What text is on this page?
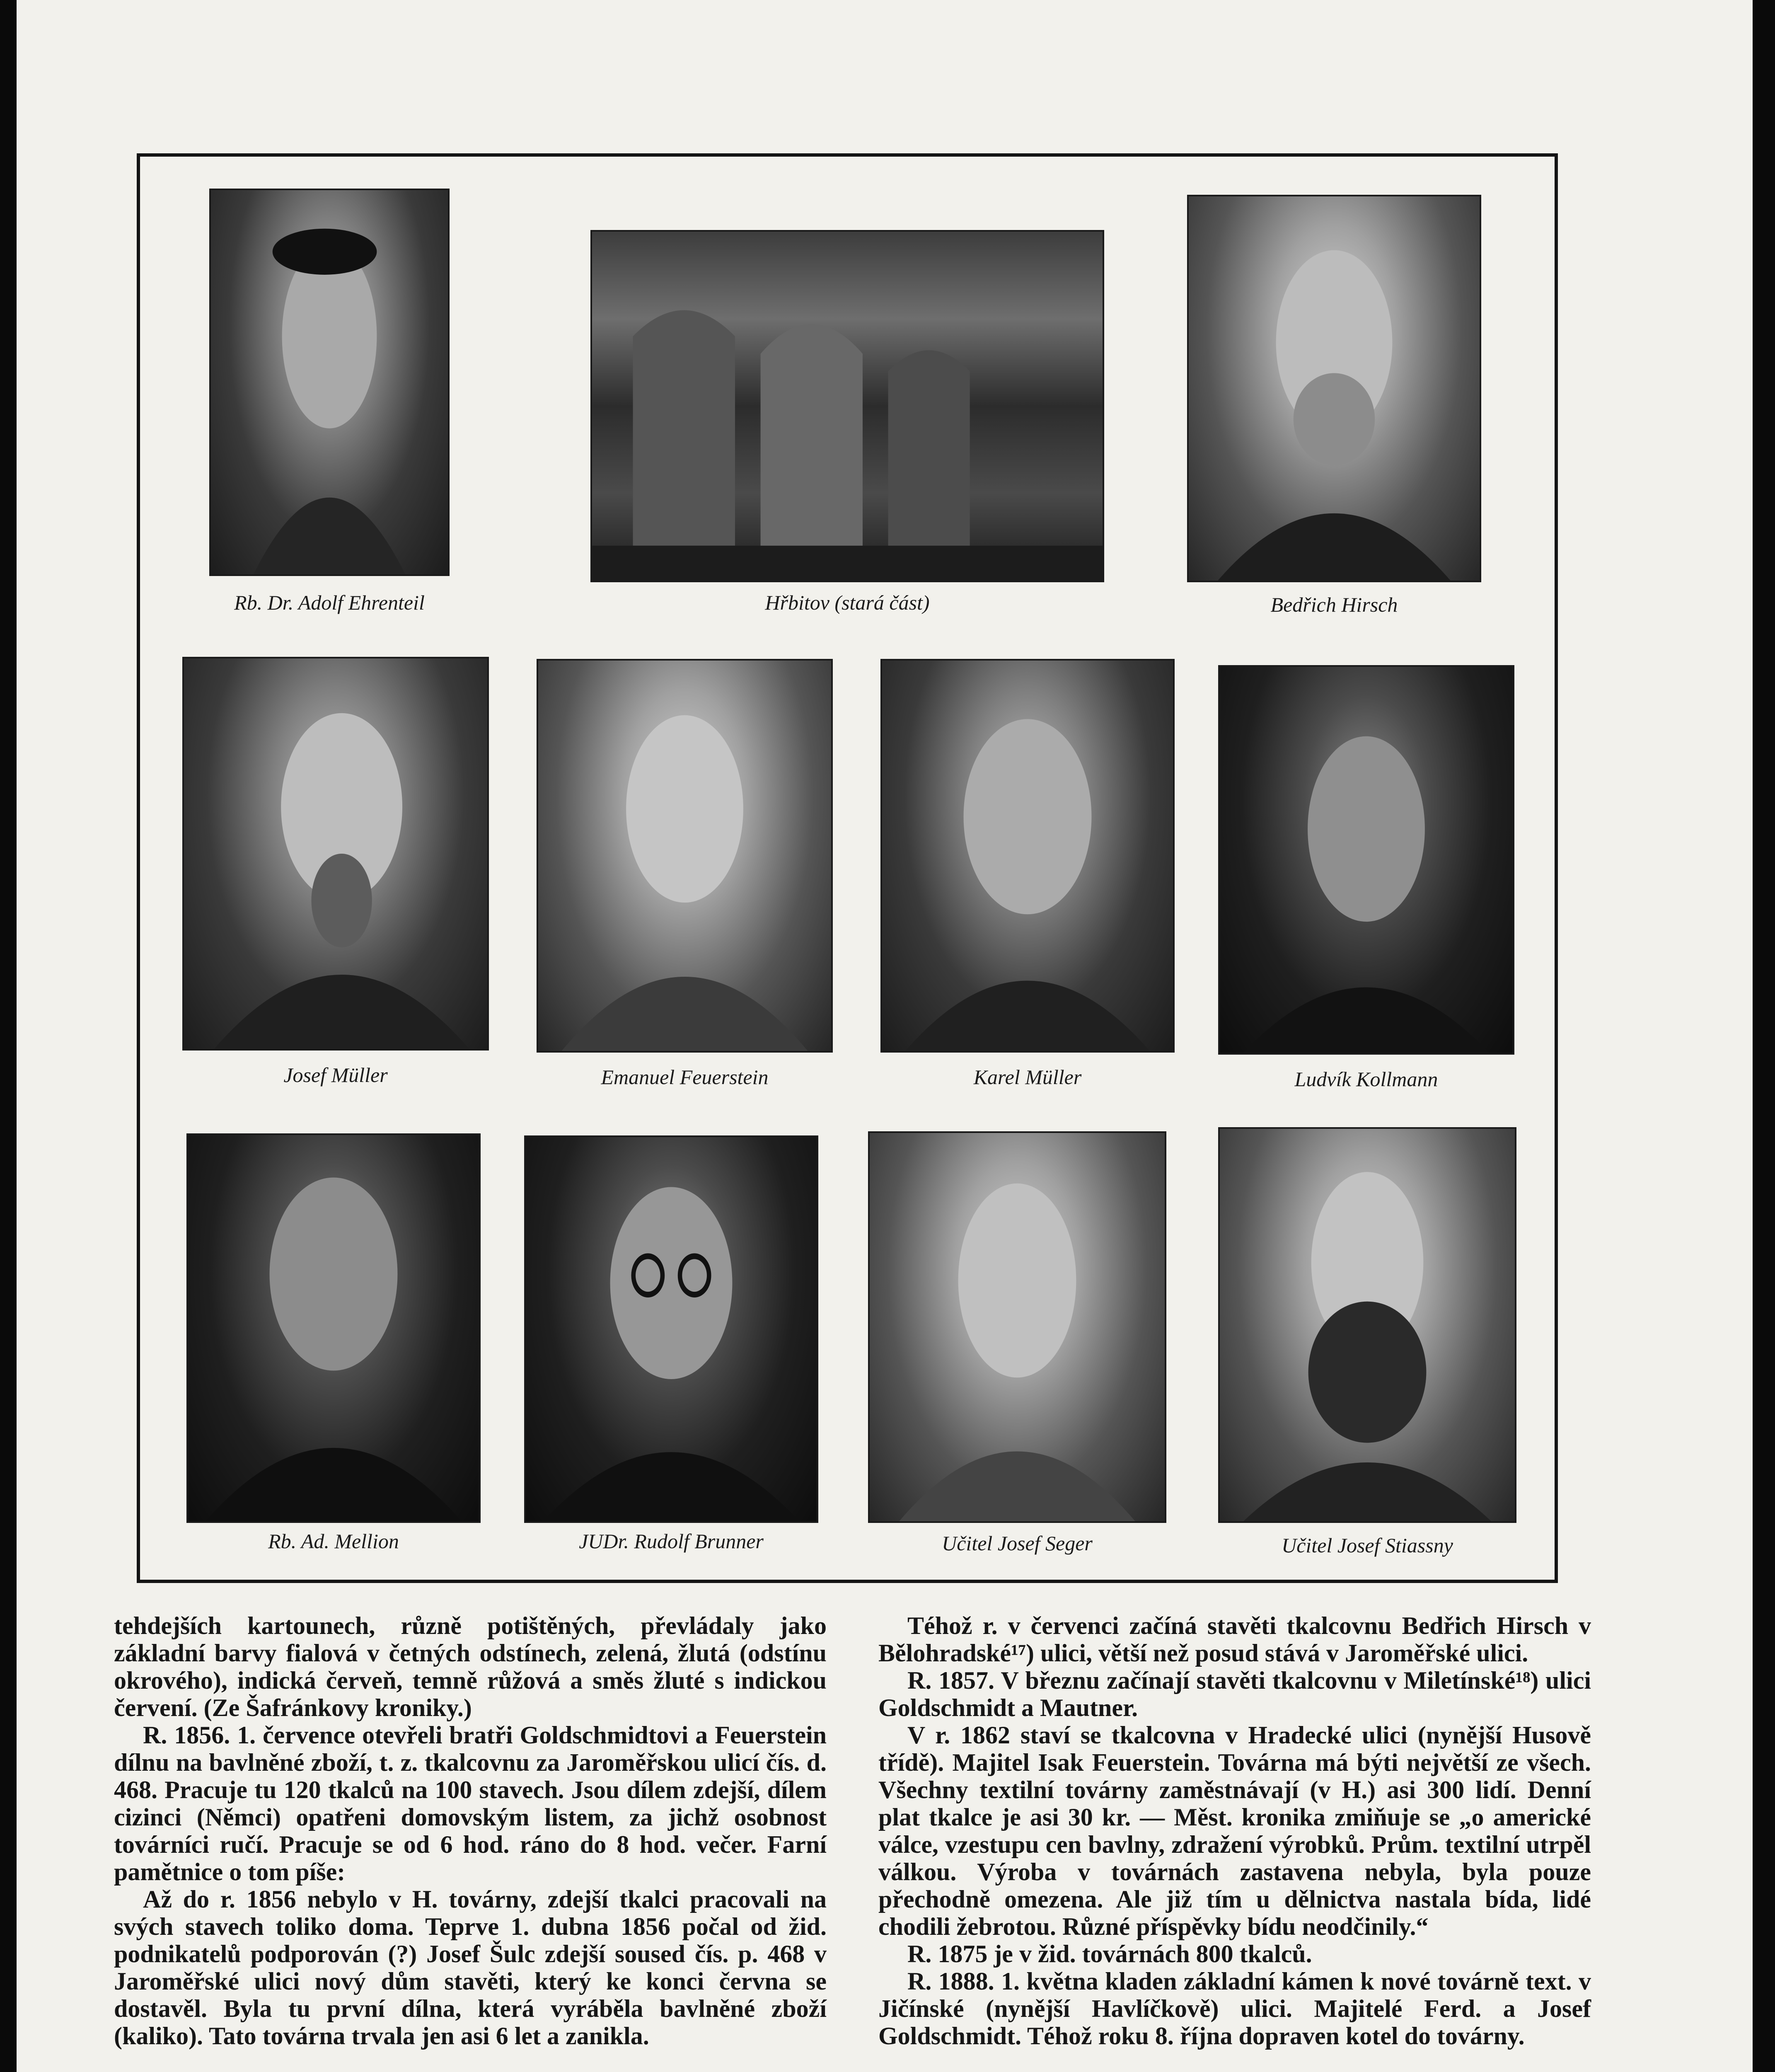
Rb. Dr. Adolf Ehrenteil	Hřbitov (stará část)	Bedřich Hirsch
Josef Müller	Emanuel Feuerstein	Karel Müller	Ludvík Kollmann
Rb. Ad. Mellion	JUDr. Rudolf Brunner	Učitel Josef Seger	Učitel Josef Stiassny

tehdejších kartounech, různě potištěných, převládaly jako základní barvy fialová v četných odstínech, zelená, žlutá (odstínu okrového), indická červeň, temně růžová a směs žluté s indickou červení. (Ze Šafránkovy kroniky.)

R. 1856. 1. července otevřeli bratři Goldschmidtovi a Feuerstein dílnu na bavlněné zboží, t. z. tkalcovnu za Jaroměřskou ulicí čís. d. 468. Pracuje tu 120 tkalců na 100 stavech. Jsou dílem zdejší, dílem cizinci (Němci) opatřeni domovským listem, za jichž osobnost továrníci ručí. Pracuje se od 6 hod. ráno do 8 hod. večer. Farní pamětnice o tom píše:

Až do r. 1856 nebylo v H. továrny, zdejší tkalci pracovali na svých stavech toliko doma. Teprve 1. dubna 1856 počal od žid. podnikatelů podporován (?) Josef Šulc zdejší soused čís. p. 468 v Jaroměřské ulici nový dům stavěti, který ke konci června se dostavěl. Byla tu první dílna, která vyráběla bavlněné zboží (kaliko). Tato továrna trvala jen asi 6 let a zanikla.

Téhož r. v červenci začíná stavěti tkalcovnu Bedřich Hirsch v Bělohradské¹⁷) ulici, větší než posud stává v Jaroměřské ulici.

R. 1857. V březnu začínají stavěti tkalcovnu v Miletínské¹⁸) ulici Goldschmidt a Mautner.

V r. 1862 staví se tkalcovna v Hradecké ulici (nynější Husově třídě). Majitel Isak Feuerstein. Továrna má býti největší ze všech. Všechny textilní továrny zaměstnávají (v H.) asi 300 lidí. Denní plat tkalce je asi 30 kr. — Měst. kronika zmiňuje se „o americké válce, vzestupu cen bavlny, zdražení výrobků. Prům. textilní utrpěl válkou. Výroba v továrnách zastavena nebyla, byla pouze přechodně omezena. Ale již tím u dělnictva nastala bída, lidé chodili žebrotou. Různé příspěvky bídu neodčinily.“

R. 1875 je v žid. továrnách 800 tkalců.

R. 1888. 1. května kladen základní kámen k nové továrně text. v Jičínské (nynější Havlíčkově) ulici. Majitelé Ferd. a Josef Goldschmidt. Téhož roku 8. října dopraven kotel do továrny.
